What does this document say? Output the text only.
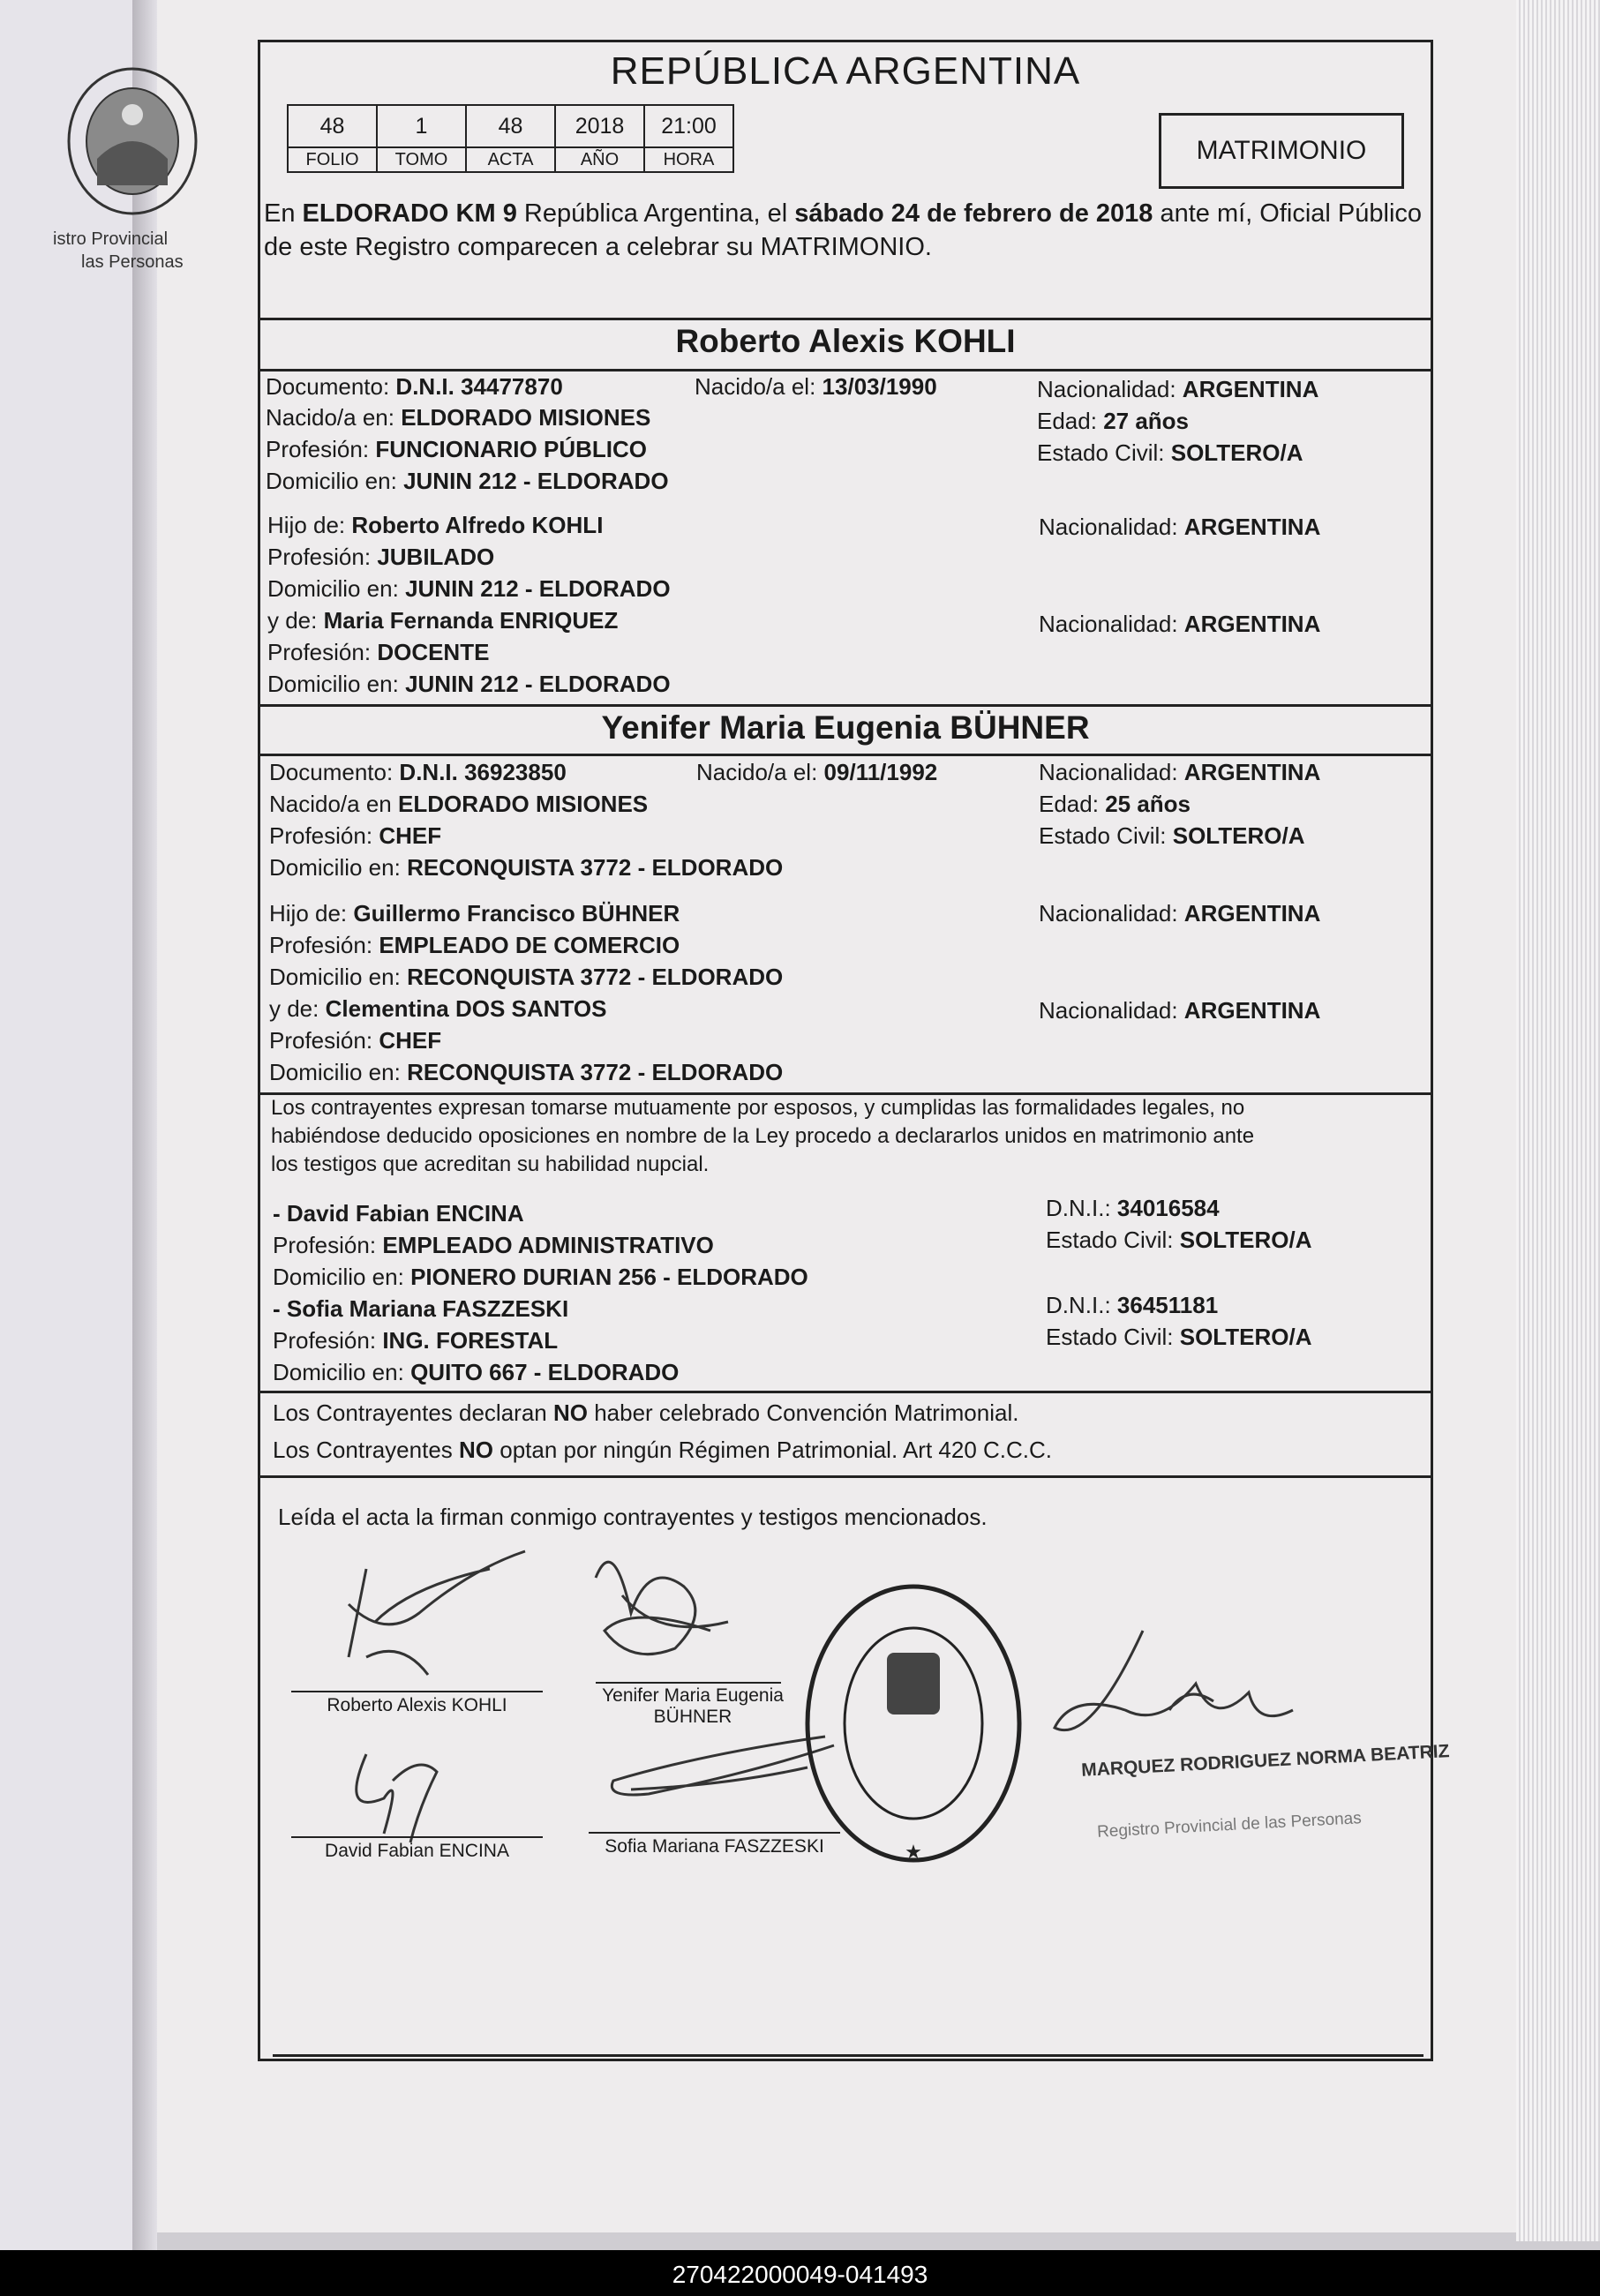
istro Provincial
las Personas
REPÚBLICA ARGENTINA
48	1	48	2018	21:00
FOLIO	TOMO	ACTA	AÑO	HORA	MATRIMONIO
En ELDORADO KM 9 República Argentina, el sábado 24 de febrero de 2018 ante mí, Oficial Público de este Registro comparecen a celebrar su MATRIMONIO.
Roberto Alexis KOHLI
Documento: D.N.I. 34477870	Nacido/a el: 13/03/1990	Nacionalidad: ARGENTINA
Nacido/a en: ELDORADO MISIONES	Edad: 27 años
Profesión: FUNCIONARIO PÚBLICO	Estado Civil: SOLTERO/A
Domicilio en: JUNIN 212 - ELDORADO
Hijo de: Roberto Alfredo KOHLI	Nacionalidad: ARGENTINA
Profesión: JUBILADO
Domicilio en: JUNIN 212 - ELDORADO
y de: Maria Fernanda ENRIQUEZ	Nacionalidad: ARGENTINA
Profesión: DOCENTE
Domicilio en: JUNIN 212 - ELDORADO
Yenifer Maria Eugenia BÜHNER
Documento: D.N.I. 36923850	Nacido/a el: 09/11/1992	Nacionalidad: ARGENTINA
Nacido/a en ELDORADO MISIONES	Edad: 25 años
Profesión: CHEF	Estado Civil: SOLTERO/A
Domicilio en: RECONQUISTA 3772 - ELDORADO
Hijo de: Guillermo Francisco BÜHNER	Nacionalidad: ARGENTINA
Profesión: EMPLEADO DE COMERCIO
Domicilio en: RECONQUISTA 3772 - ELDORADO
y de: Clementina DOS SANTOS	Nacionalidad: ARGENTINA
Profesión: CHEF
Domicilio en: RECONQUISTA 3772 - ELDORADO
Los contrayentes expresan tomarse mutuamente por esposos, y cumplidas las formalidades legales, no
habiéndose deducido oposiciones en nombre de la Ley procedo a declararlos unidos en matrimonio ante
los testigos que acreditan su habilidad nupcial.
- David Fabian ENCINA	D.N.I.: 34016584
Profesión: EMPLEADO ADMINISTRATIVO	Estado Civil: SOLTERO/A
Domicilio en: PIONERO DURIAN 256 - ELDORADO
- Sofia Mariana FASZZESKI	D.N.I.: 36451181
Profesión: ING. FORESTAL	Estado Civil: SOLTERO/A
Domicilio en: QUITO 667 - ELDORADO
Los Contrayentes declaran NO haber celebrado Convención Matrimonial.
Los Contrayentes NO optan por ningún Régimen Patrimonial. Art 420 C.C.C.
Leída el acta la firman conmigo contrayentes y testigos mencionados.
Roberto Alexis KOHLI	Yenifer Maria Eugenia
BÜHNER
David Fabian ENCINA	Sofia Mariana FASZZESKI	★
MARQUEZ RODRIGUEZ NORMA BEATRIZ
Registro Provincial de las Personas
270422000049-041493
